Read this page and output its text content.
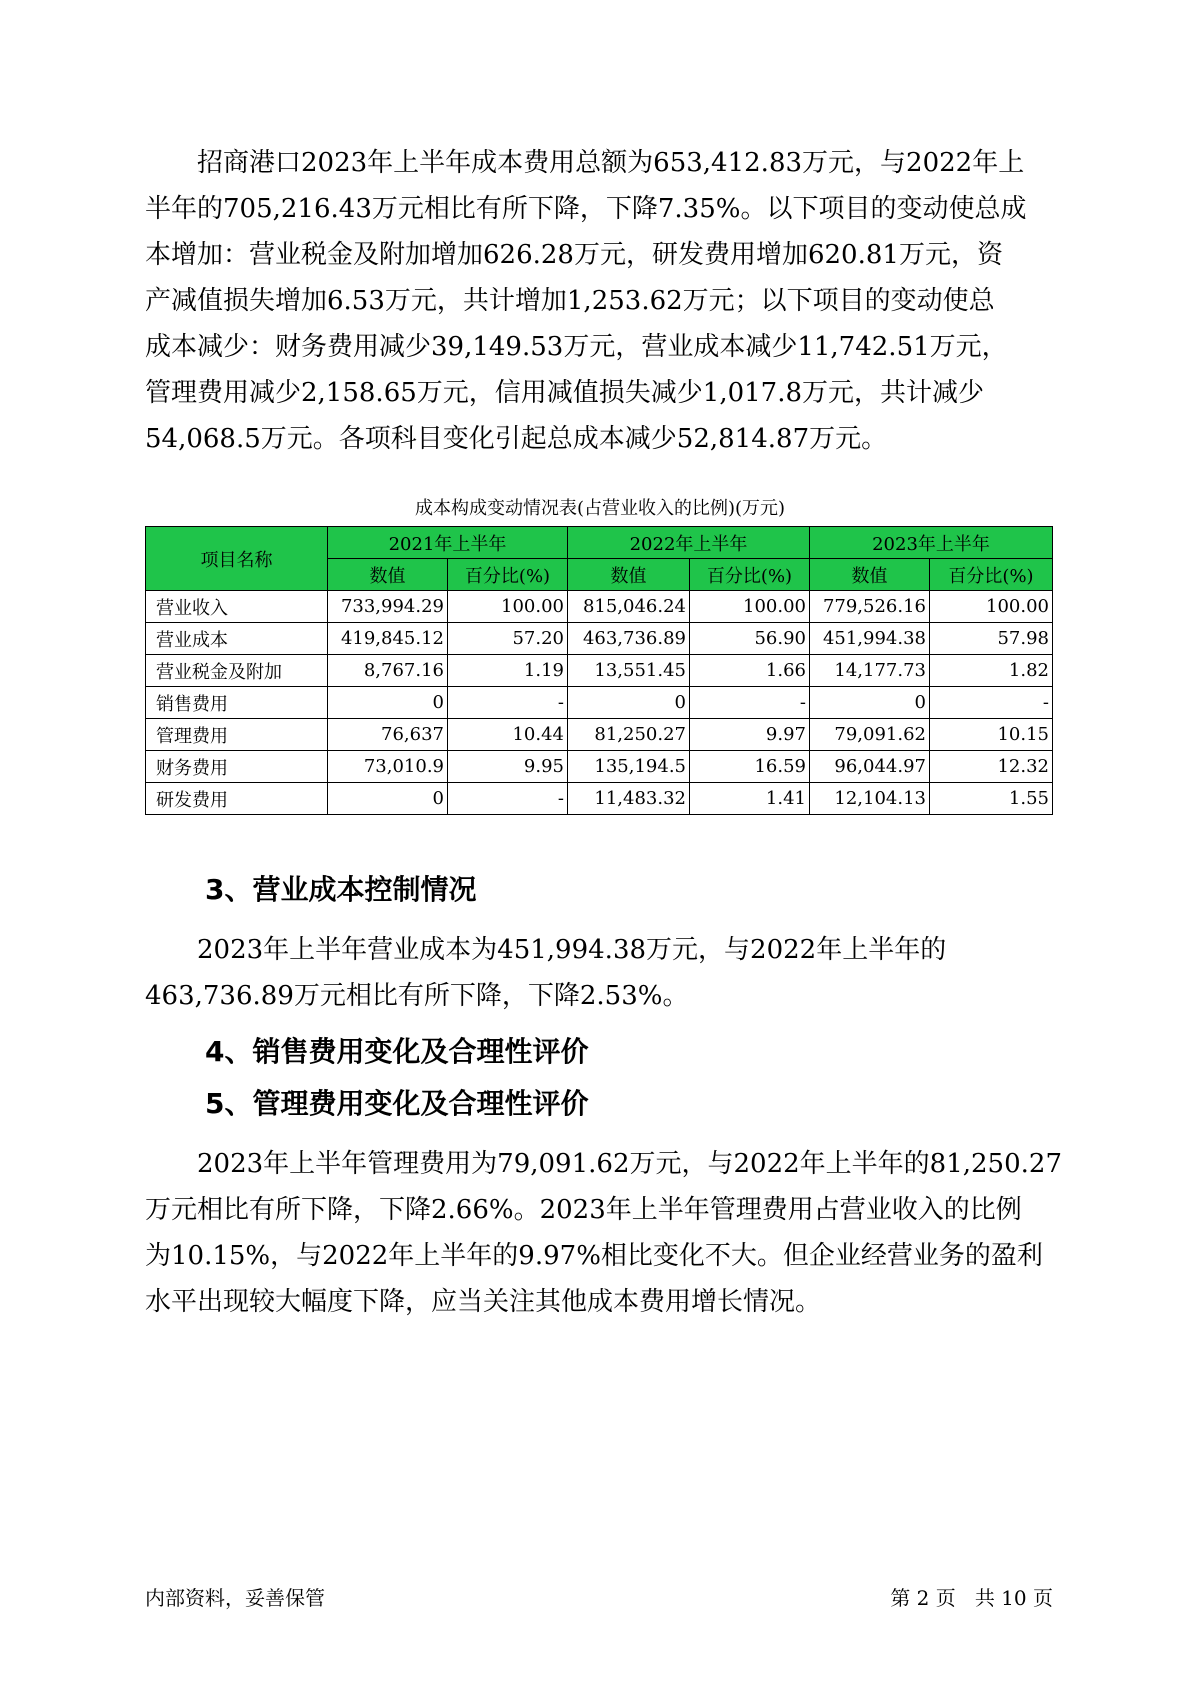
　　招商港口2023年上半年成本费用总额为653,412.83万元，与2022年上
半年的705,216.43万元相比有所下降，下降7.35%。以下项目的变动使总成
本增加：营业税金及附加增加626.28万元，研发费用增加620.81万元，资
产减值损失增加6.53万元，共计增加1,253.62万元；以下项目的变动使总
成本减少：财务费用减少39,149.53万元，营业成本减少11,742.51万元，
管理费用减少2,158.65万元，信用减值损失减少1,017.8万元，共计减少
54,068.5万元。各项科目变化引起总成本减少52,814.87万元。
成本构成变动情况表(占营业收入的比例)(万元)
项目名称	2021年上半年		2022年上半年		2023年上半年	
	数值	百分比(%)	数值	百分比(%)	数值	百分比(%)
营业收入	733,994.29	100.00	815,046.24	100.00	779,526.16	100.00
营业成本	419,845.12	57.20	463,736.89	56.90	451,994.38	57.98
营业税金及附加	8,767.16	1.19	13,551.45	1.66	14,177.73	1.82
销售费用	0	-	0	-	0	-
管理费用	76,637	10.44	81,250.27	9.97	79,091.62	10.15
财务费用	73,010.9	9.95	135,194.5	16.59	96,044.97	12.32
研发费用	0	-	11,483.32	1.41	12,104.13	1.55
3、营业成本控制情况
　　2023年上半年营业成本为451,994.38万元，与2022年上半年的
463,736.89万元相比有所下降，下降2.53%。
4、销售费用变化及合理性评价
5、管理费用变化及合理性评价
　　2023年上半年管理费用为79,091.62万元，与2022年上半年的81,250.27
万元相比有所下降，下降2.66%。2023年上半年管理费用占营业收入的比例
为10.15%，与2022年上半年的9.97%相比变化不大。但企业经营业务的盈利
水平出现较大幅度下降，应当关注其他成本费用增长情况。
内部资料，妥善保管	第 2 页   共 10 页
